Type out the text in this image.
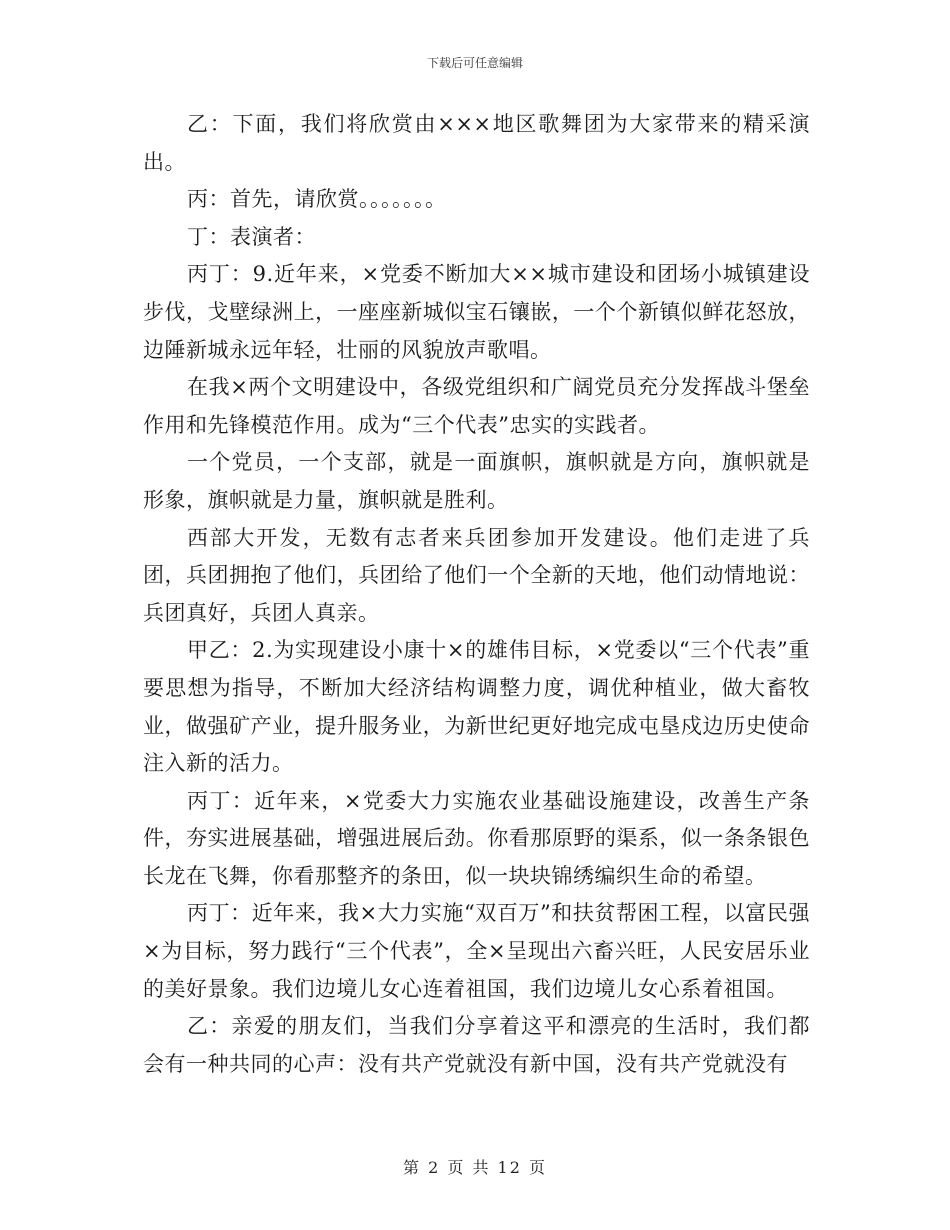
下载后可任意编辑

乙：下面，我们将欣赏由×××地区歌舞团为大家带来的精采演出。

丙：首先，请欣赏。。。。。。。

丁：表演者：

丙丁：9.近年来，×党委不断加大××城市建设和团场小城镇建设步伐，戈壁绿洲上，一座座新城似宝石镶嵌，一个个新镇似鲜花怒放，边陲新城永远年轻，壮丽的风貌放声歌唱。

在我×两个文明建设中，各级党组织和广阔党员充分发挥战斗堡垒作用和先锋模范作用。成为“三个代表”忠实的实践者。

一个党员，一个支部，就是一面旗帜，旗帜就是方向，旗帜就是形象，旗帜就是力量，旗帜就是胜利。

西部大开发，无数有志者来兵团参加开发建设。他们走进了兵团，兵团拥抱了他们，兵团给了他们一个全新的天地，他们动情地说：兵团真好，兵团人真亲。

甲乙：2.为实现建设小康十×的雄伟目标，×党委以“三个代表”重要思想为指导，不断加大经济结构调整力度，调优种植业，做大畜牧业，做强矿产业，提升服务业，为新世纪更好地完成屯垦戍边历史使命注入新的活力。

丙丁：近年来，×党委大力实施农业基础设施建设，改善生产条件，夯实进展基础，增强进展后劲。你看那原野的渠系，似一条条银色长龙在飞舞，你看那整齐的条田，似一块块锦绣编织生命的希望。

丙丁：近年来，我×大力实施“双百万”和扶贫帮困工程，以富民强×为目标，努力践行“三个代表”，全×呈现出六畜兴旺，人民安居乐业的美好景象。我们边境儿女心连着祖国，我们边境儿女心系着祖国。

乙：亲爱的朋友们，当我们分享着这平和漂亮的生活时，我们都会有一种共同的心声：没有共产党就没有新中国，没有共产党就没有

第 2 页 共 12 页
